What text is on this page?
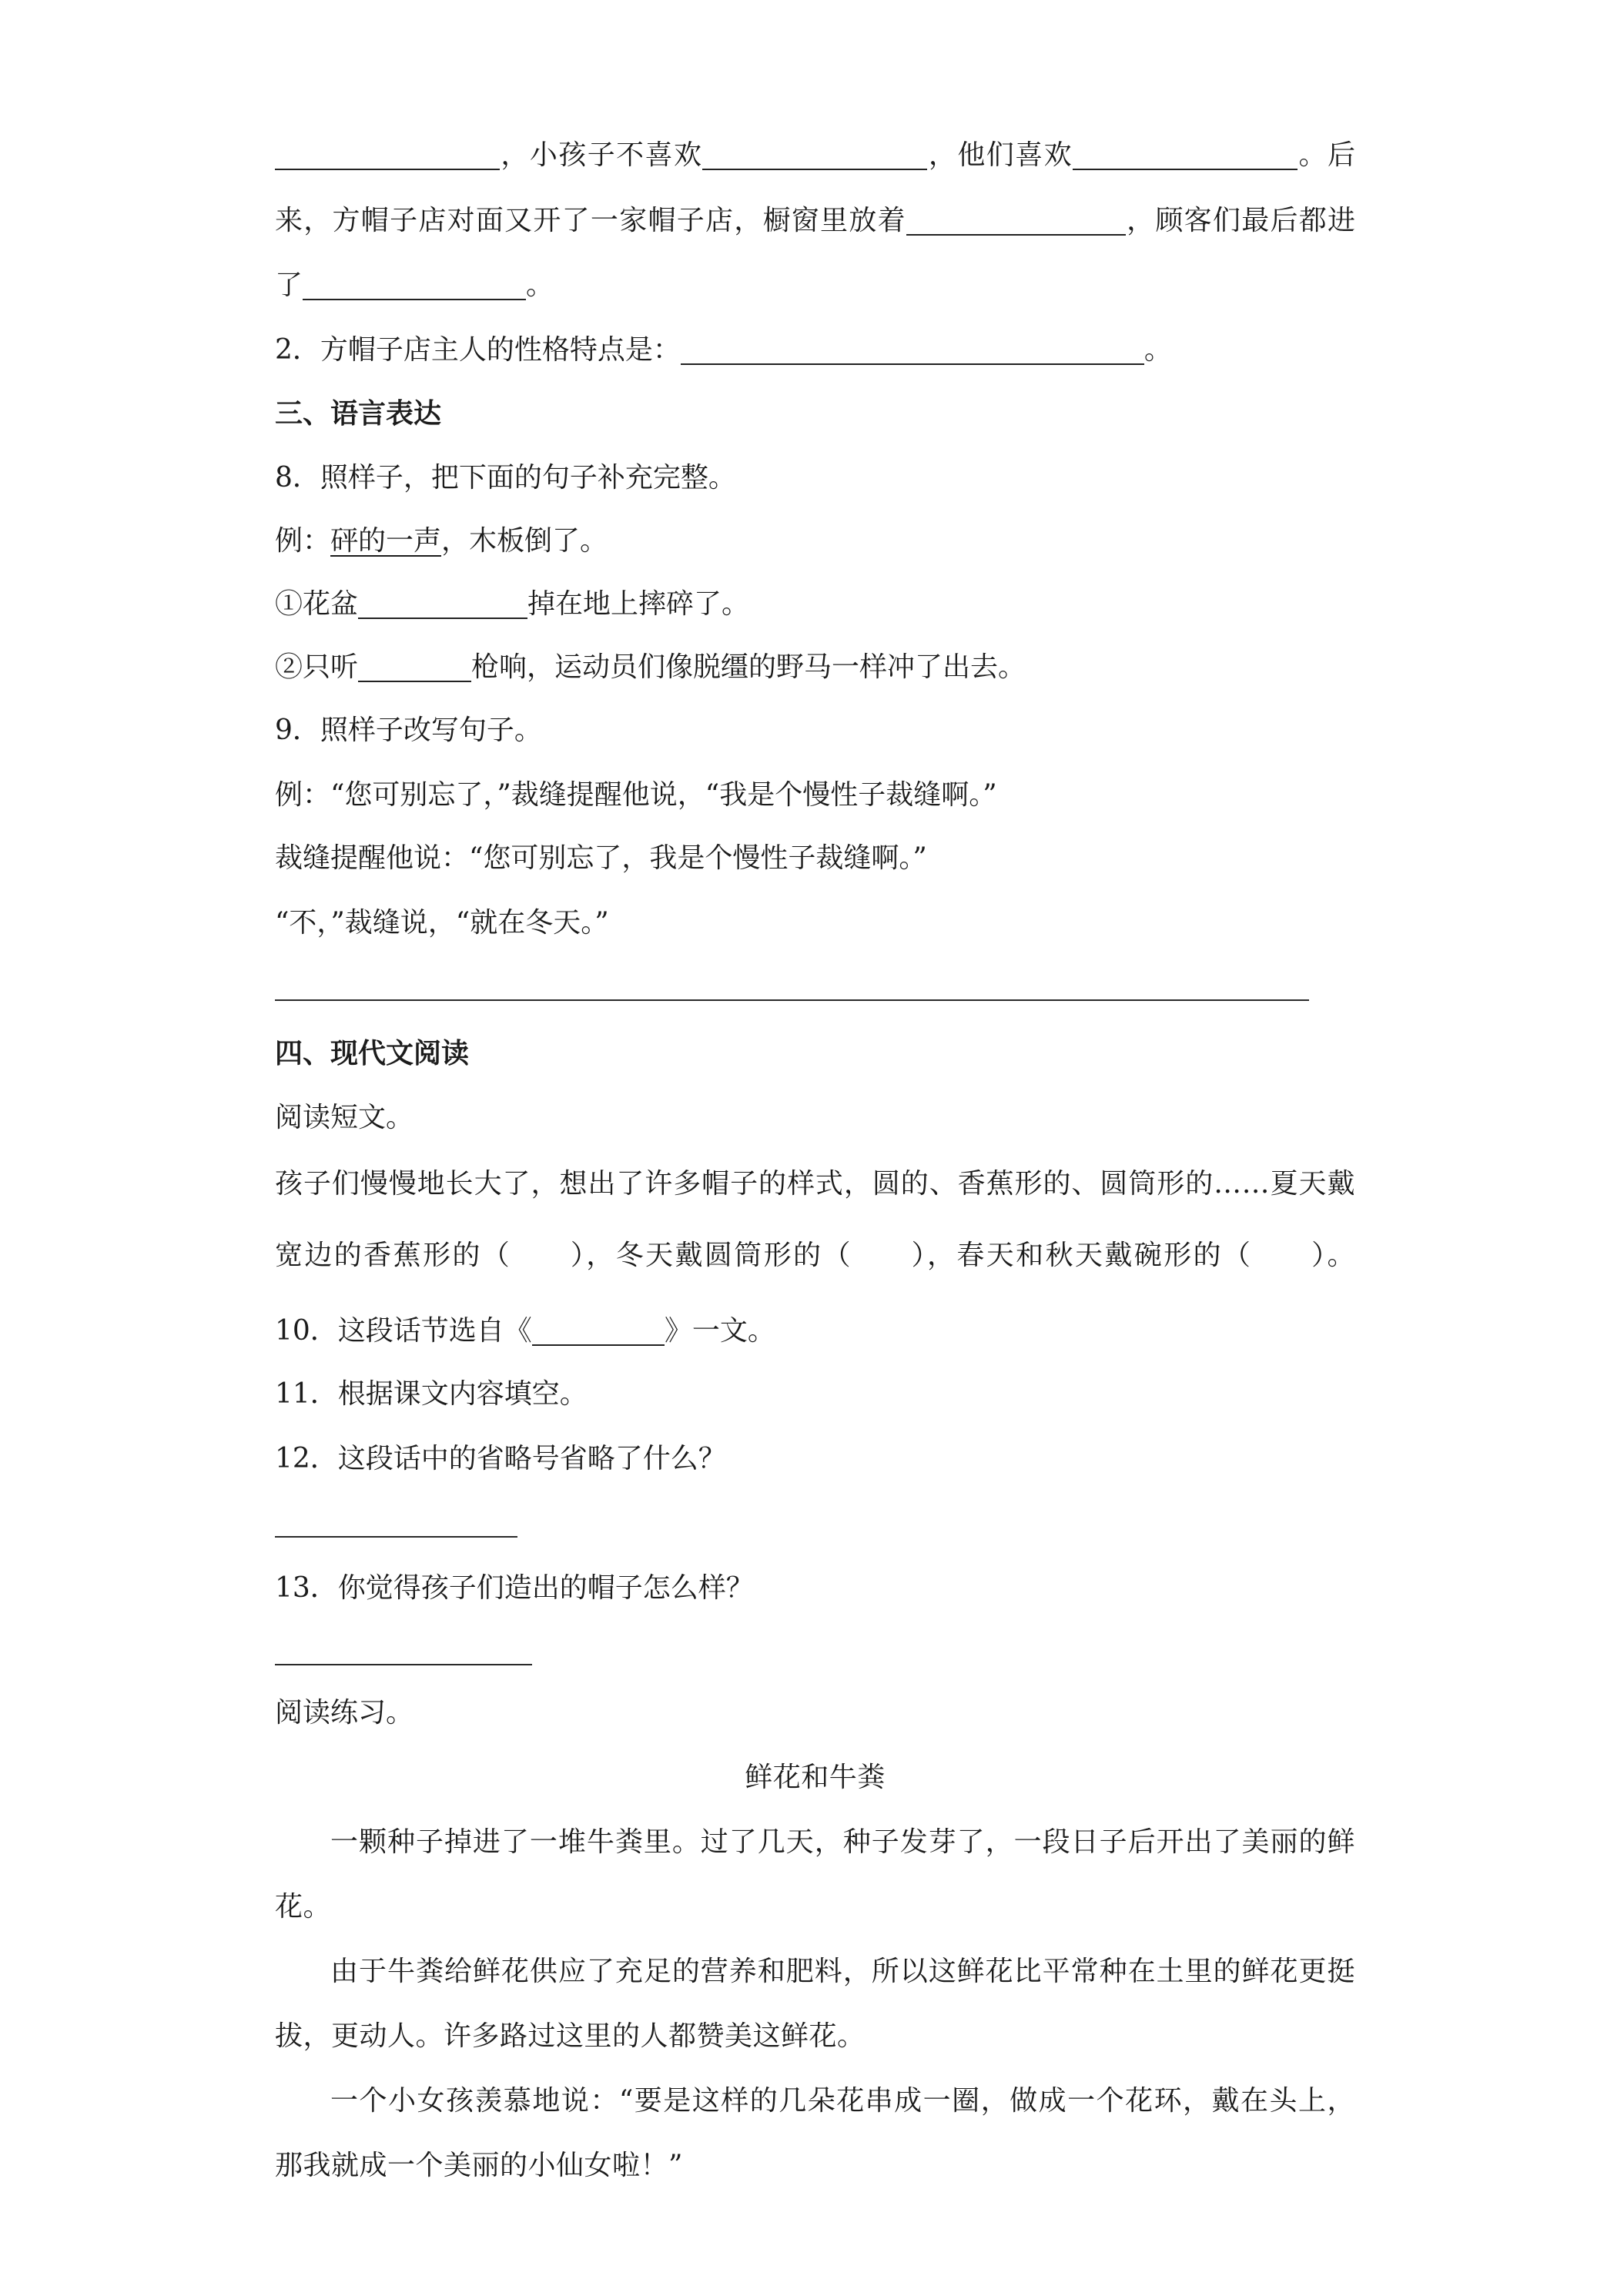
，小孩子不喜欢	，他们喜欢	。后
来，方帽子店对面又开了一家帽子店，橱窗里放着	，顾客们最后都进
了	。
2．方帽子店主人的性格特点是：	。
三、语言表达
8．照样子，把下面的句子补充完整。
例：砰的一声，木板倒了。
①花盆	掉在地上摔碎了。
②只听	枪响，运动员们像脱缰的野马一样冲了出去。
9．照样子改写句子。
例：“您可别忘了，”裁缝提醒他说，“我是个慢性子裁缝啊。”
裁缝提醒他说：“您可别忘了，我是个慢性子裁缝啊。”
“不，”裁缝说，“就在冬天。”
四、现代文阅读
阅读短文。
孩子们慢慢地长大了，想出了许多帽子的样式，圆的、香蕉形的、圆筒形的……夏天戴
宽边的香蕉形的（　　），冬天戴圆筒形的（　　），春天和秋天戴碗形的（　　）。
10．这段话节选自《	》一文。
11．根据课文内容填空。
12．这段话中的省略号省略了什么？
13．你觉得孩子们造出的帽子怎么样？
阅读练习。
鲜花和牛粪
一颗种子掉进了一堆牛粪里。过了几天，种子发芽了，一段日子后开出了美丽的鲜
花。
由于牛粪给鲜花供应了充足的营养和肥料，所以这鲜花比平常种在土里的鲜花更挺
拔，更动人。许多路过这里的人都赞美这鲜花。
一个小女孩羡慕地说：“要是这样的几朵花串成一圈，做成一个花环，戴在头上，
那我就成一个美丽的小仙女啦！”
